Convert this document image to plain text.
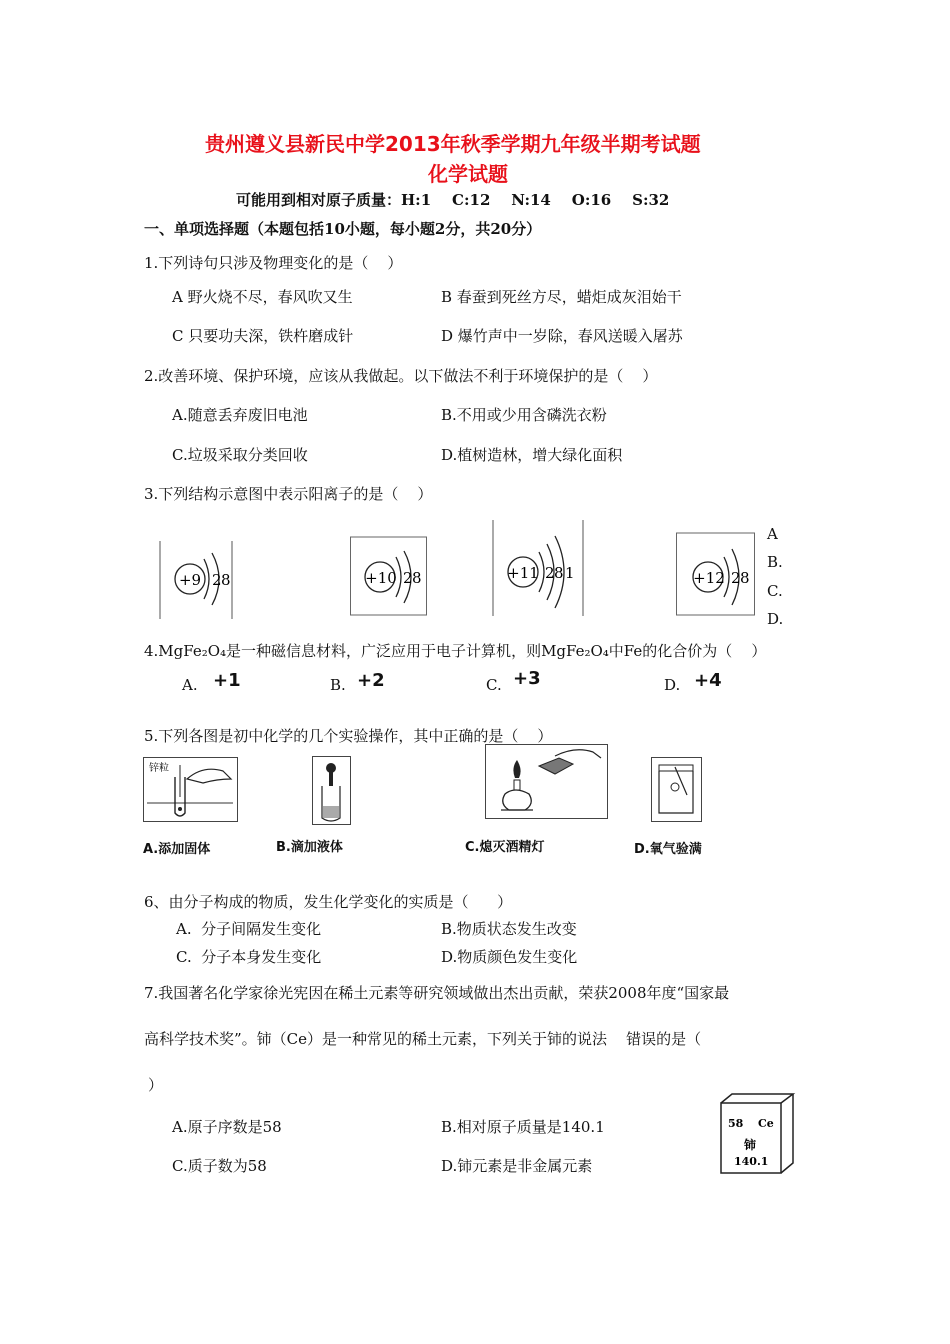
贵州遵义县新民中学2013年秋季学期九年级半期考试题
化学试题
可能用到相对原子质量：H:1    C:12    N:14    O:16    S:32
一、单项选择题（本题包括10小题，每小题2分，共20分）
1.下列诗句只涉及物理变化的是（    ）
A 野火烧不尽，春风吹又生	B 春蚕到死丝方尽，蜡炬成灰泪始干
C 只要功夫深，铁杵磨成针	D 爆竹声中一岁除，春风送暖入屠苏
2.改善环境、保护环境，应该从我做起。以下做法不利于环境保护的是（    ）
A.随意丢弃废旧电池	B.不用或少用含磷洗衣粉
C.垃圾采取分类回收	D.植树造林，增大绿化面积
3.下列结构示意图中表示阳离子的是（    ）
+9 2 8	+10 2 8	+11 2 8 1	+12 2 8
A
B.
C.
D.
4.MgFe₂O₄是一种磁信息材料，广泛应用于电子计算机，则MgFe₂O₄中Fe的化合价为（    ）
A. +1	B. +2	C. +3	D. +4
5.下列各图是初中化学的几个实验操作，其中正确的是（    ）
锌粒
A.添加固体	B.滴加液体	C.熄灭酒精灯	D.氧气验满
6、由分子构成的物质，发生化学变化的实质是（      ）
A.  分子间隔发生变化	B.物质状态发生改变
C.  分子本身发生变化	D.物质颜色发生变化
7.我国著名化学家徐光宪因在稀土元素等研究领域做出杰出贡献，荣获2008年度“国家最
高科学技术奖”。铈（Ce）是一种常见的稀土元素，下列关于铈的说法    错误的是（
）
A.原子序数是58	B.相对原子质量是140.1
C.质子数为58	D.铈元素是非金属元素
58 Ce
铈
140.1
